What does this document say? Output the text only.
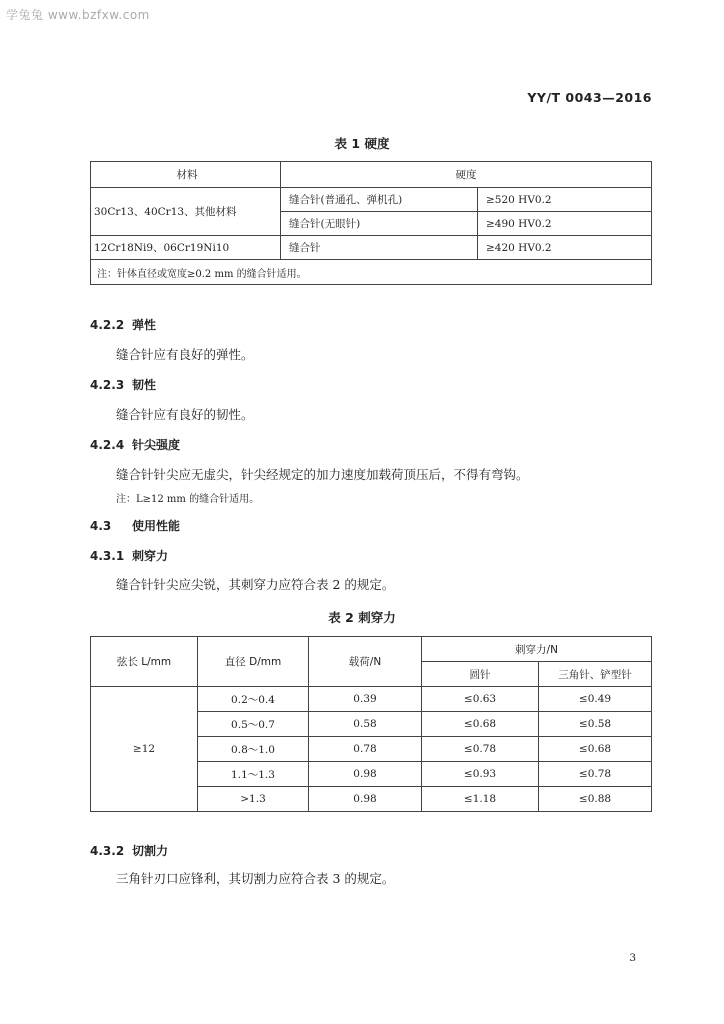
学兔兔 www.bzfxw.com
YY/T 0043—2016
表 1 硬度
材料	硬度	
30Cr13、40Cr13、其他材料	缝合针(普通孔、弹机孔)	≥520 HV0.2
	缝合针(无眼针)	≥490 HV0.2
12Cr18Ni9、06Cr19Ni10	缝合针	≥420 HV0.2
注：针体直径或宽度≥0.2 mm 的缝合针适用。		
4.2.2 弹性
缝合针应有良好的弹性。
4.2.3 韧性
缝合针应有良好的韧性。
4.2.4 针尖强度
缝合针针尖应无虚尖，针尖经规定的加力速度加载荷顶压后，不得有弯钩。
注：L≥12 mm 的缝合针适用。
4.3 使用性能
4.3.1 刺穿力
缝合针针尖应尖锐，其刺穿力应符合表 2 的规定。
表 2 刺穿力
弦长 L/mm	直径 D/mm	载荷/N	刺穿力/N	
			圆针	三角针、铲型针
≥12	0.2～0.4	0.39	≤0.63	≤0.49
	0.5～0.7	0.58	≤0.68	≤0.58
	0.8～1.0	0.78	≤0.78	≤0.68
	1.1～1.3	0.98	≤0.93	≤0.78
	>1.3	0.98	≤1.18	≤0.88
4.3.2 切割力
三角针刃口应锋利，其切割力应符合表 3 的规定。
3
